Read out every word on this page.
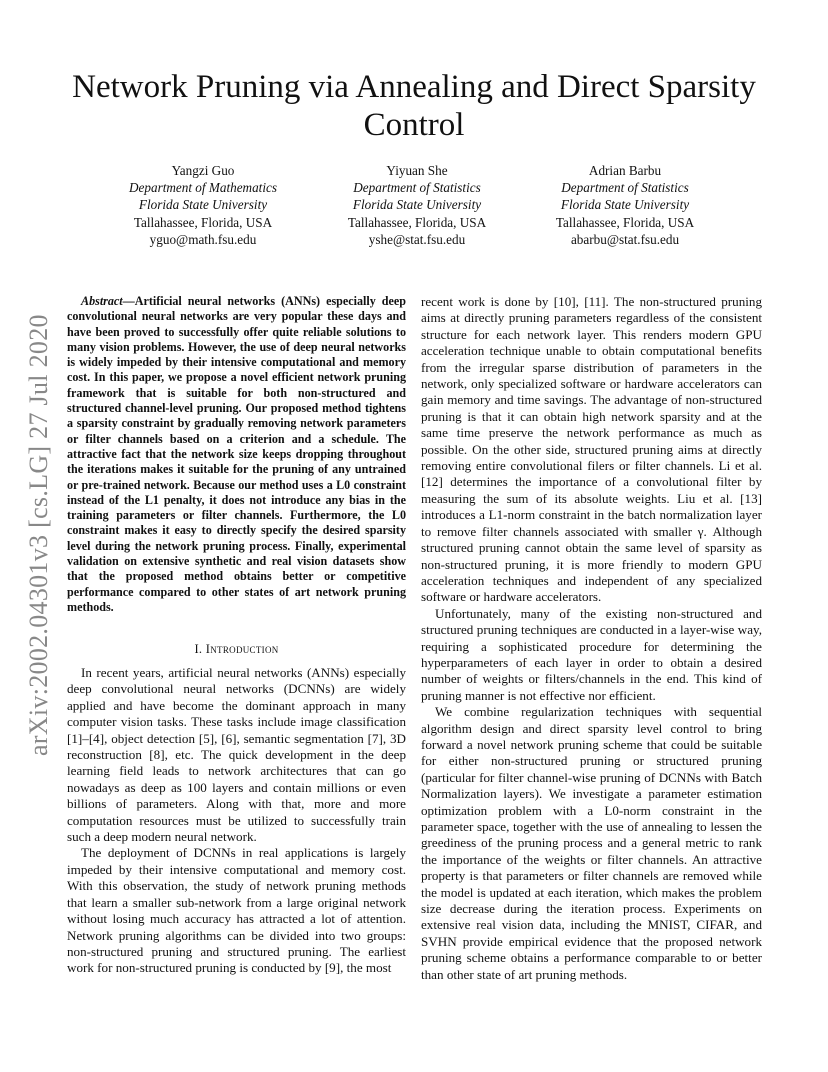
arXiv:2002.04301v3 [cs.LG] 27 Jul 2020
Network Pruning via Annealing and Direct Sparsity Control
Yangzi Guo
Department of Mathematics
Florida State University
Tallahassee, Florida, USA
yguo@math.fsu.edu
Yiyuan She
Department of Statistics
Florida State University
Tallahassee, Florida, USA
yshe@stat.fsu.edu
Adrian Barbu
Department of Statistics
Florida State University
Tallahassee, Florida, USA
abarbu@stat.fsu.edu

Abstract—Artificial neural networks (ANNs) especially deep convolutional neural networks are very popular these days and have been proved to successfully offer quite reliable solutions to many vision problems. However, the use of deep neural networks is widely impeded by their intensive computational and memory cost. In this paper, we propose a novel efficient network pruning framework that is suitable for both non-structured and structured channel-level pruning. Our proposed method tightens a sparsity constraint by gradually removing network parameters or filter channels based on a criterion and a schedule. The attractive fact that the network size keeps dropping throughout the iterations makes it suitable for the pruning of any untrained or pre-trained network. Because our method uses a L0 constraint instead of the L1 penalty, it does not introduce any bias in the training parameters or filter channels. Furthermore, the L0 constraint makes it easy to directly specify the desired sparsity level during the network pruning process. Finally, experimental validation on extensive synthetic and real vision datasets show that the proposed method obtains better or competitive performance compared to other states of art network pruning methods.

I. Introduction

In recent years, artificial neural networks (ANNs) especially deep convolutional neural networks (DCNNs) are widely applied and have become the dominant approach in many computer vision tasks. These tasks include image classification [1]–[4], object detection [5], [6], semantic segmentation [7], 3D reconstruction [8], etc. The quick development in the deep learning field leads to network architectures that can go nowadays as deep as 100 layers and contain millions or even billions of parameters. Along with that, more and more computation resources must be utilized to successfully train such a deep modern neural network.

The deployment of DCNNs in real applications is largely impeded by their intensive computational and memory cost. With this observation, the study of network pruning methods that learn a smaller sub-network from a large original network without losing much accuracy has attracted a lot of attention. Network pruning algorithms can be divided into two groups: non-structured pruning and structured pruning. The earliest work for non-structured pruning is conducted by [9], the most

recent work is done by [10], [11]. The non-structured pruning aims at directly pruning parameters regardless of the consistent structure for each network layer. This renders modern GPU acceleration technique unable to obtain computational benefits from the irregular sparse distribution of parameters in the network, only specialized software or hardware accelerators can gain memory and time savings. The advantage of non-structured pruning is that it can obtain high network sparsity and at the same time preserve the network performance as much as possible. On the other side, structured pruning aims at directly removing entire convolutional filers or filter channels. Li et al. [12] determines the importance of a convolutional filter by measuring the sum of its absolute weights. Liu et al. [13] introduces a L1-norm constraint in the batch normalization layer to remove filter channels associated with smaller γ. Although structured pruning cannot obtain the same level of sparsity as non-structured pruning, it is more friendly to modern GPU acceleration techniques and independent of any specialized software or hardware accelerators.

Unfortunately, many of the existing non-structured and structured pruning techniques are conducted in a layer-wise way, requiring a sophisticated procedure for determining the hyperparameters of each layer in order to obtain a desired number of weights or filters/channels in the end. This kind of pruning manner is not effective nor efficient.

We combine regularization techniques with sequential algorithm design and direct sparsity level control to bring forward a novel network pruning scheme that could be suitable for either non-structured pruning or structured pruning (particular for filter channel-wise pruning of DCNNs with Batch Normalization layers). We investigate a parameter estimation optimization problem with a L0-norm constraint in the parameter space, together with the use of annealing to lessen the greediness of the pruning process and a general metric to rank the importance of the weights or filter channels. An attractive property is that parameters or filter channels are removed while the model is updated at each iteration, which makes the problem size decrease during the iteration process. Experiments on extensive real vision data, including the MNIST, CIFAR, and SVHN provide empirical evidence that the proposed network pruning scheme obtains a performance comparable to or better than other state of art pruning methods.
